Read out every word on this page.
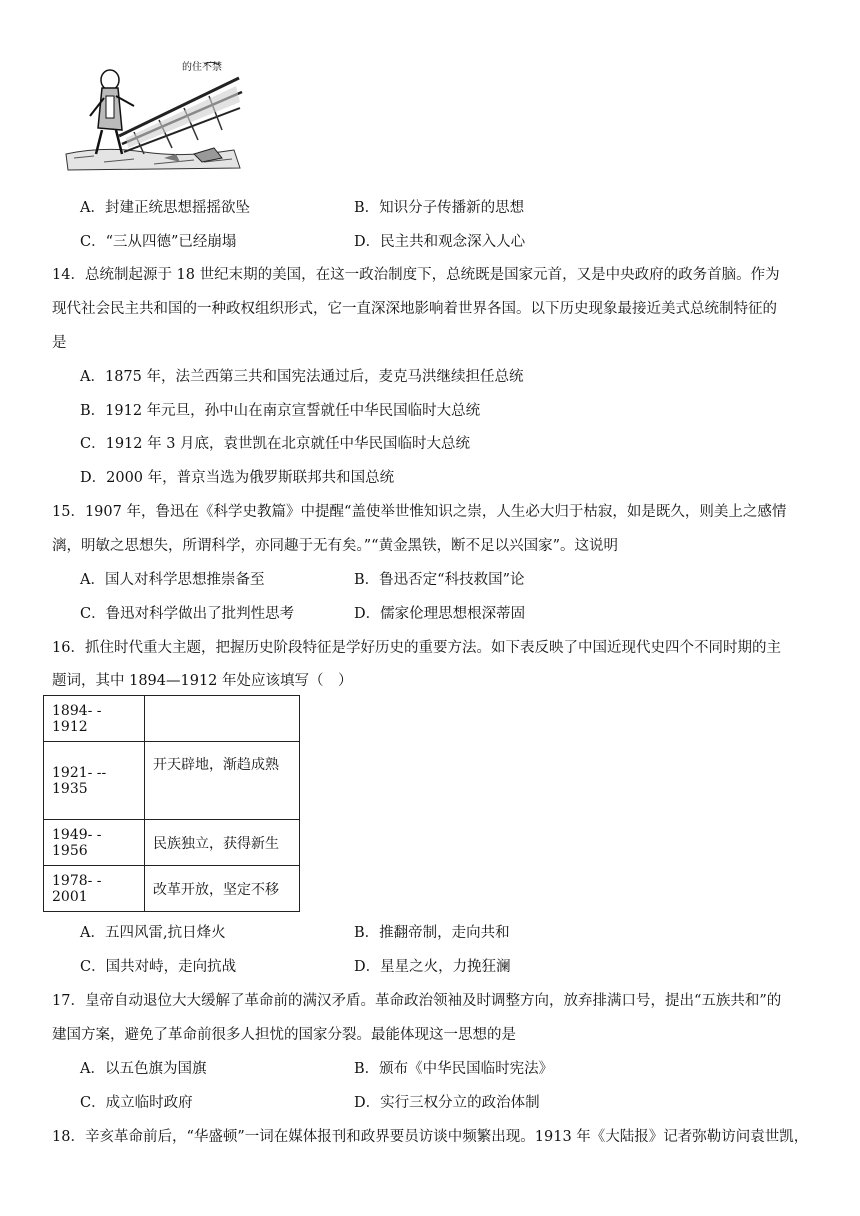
的住不禁
A．封建正统思想摇摇欲坠	B．知识分子传播新的思想
C．“三从四德”已经崩塌	D．民主共和观念深入人心
14．总统制起源于 18 世纪末期的美国，在这一政治制度下，总统既是国家元首，又是中央政府的政务首脑。作为
现代社会民主共和国的一种政权组织形式，它一直深深地影响着世界各国。以下历史现象最接近美式总统制特征的
是
A．1875 年，法兰西第三共和国宪法通过后，麦克马洪继续担任总统
B．1912 年元旦，孙中山在南京宣誓就任中华民国临时大总统
C．1912 年 3 月底，袁世凯在北京就任中华民国临时大总统
D．2000 年，普京当选为俄罗斯联邦共和国总统
15．1907 年，鲁迅在《科学史教篇》中提醒“盖使举世惟知识之崇，人生必大归于枯寂，如是既久，则美上之感情
漓，明敏之思想失，所谓科学，亦同趣于无有矣。”“黄金黑铁，断不足以兴国家”。这说明
A．国人对科学思想推崇备至	B．鲁迅否定“科技救国”论
C．鲁迅对科学做出了批判性思考	D．儒家伦理思想根深蒂固
16．抓住时代重大主题，把握历史阶段特征是学好历史的重要方法。如下表反映了中国近现代史四个不同时期的主
题词，其中 1894—1912 年处应该填写（　）
1894- - 1912	
1921- -- 1935	开天辟地，渐趋成熟
1949- - 1956	民族独立，获得新生
1978- - 2001	改革开放，坚定不移
A．五四风雷,抗日烽火	B．推翻帝制，走向共和
C．国共对峙，走向抗战	D．星星之火，力挽狂澜
17．皇帝自动退位大大缓解了革命前的满汉矛盾。革命政治领袖及时调整方向，放弃排满口号，提出“五族共和”的
建国方案，避免了革命前很多人担忧的国家分裂。最能体现这一思想的是
A．以五色旗为国旗	B．颁布《中华民国临时宪法》
C．成立临时政府	D．实行三权分立的政治体制
18．辛亥革命前后，“华盛顿”一词在媒体报刊和政界要员访谈中频繁出现。1913 年《大陆报》记者弥勒访问袁世凯，
